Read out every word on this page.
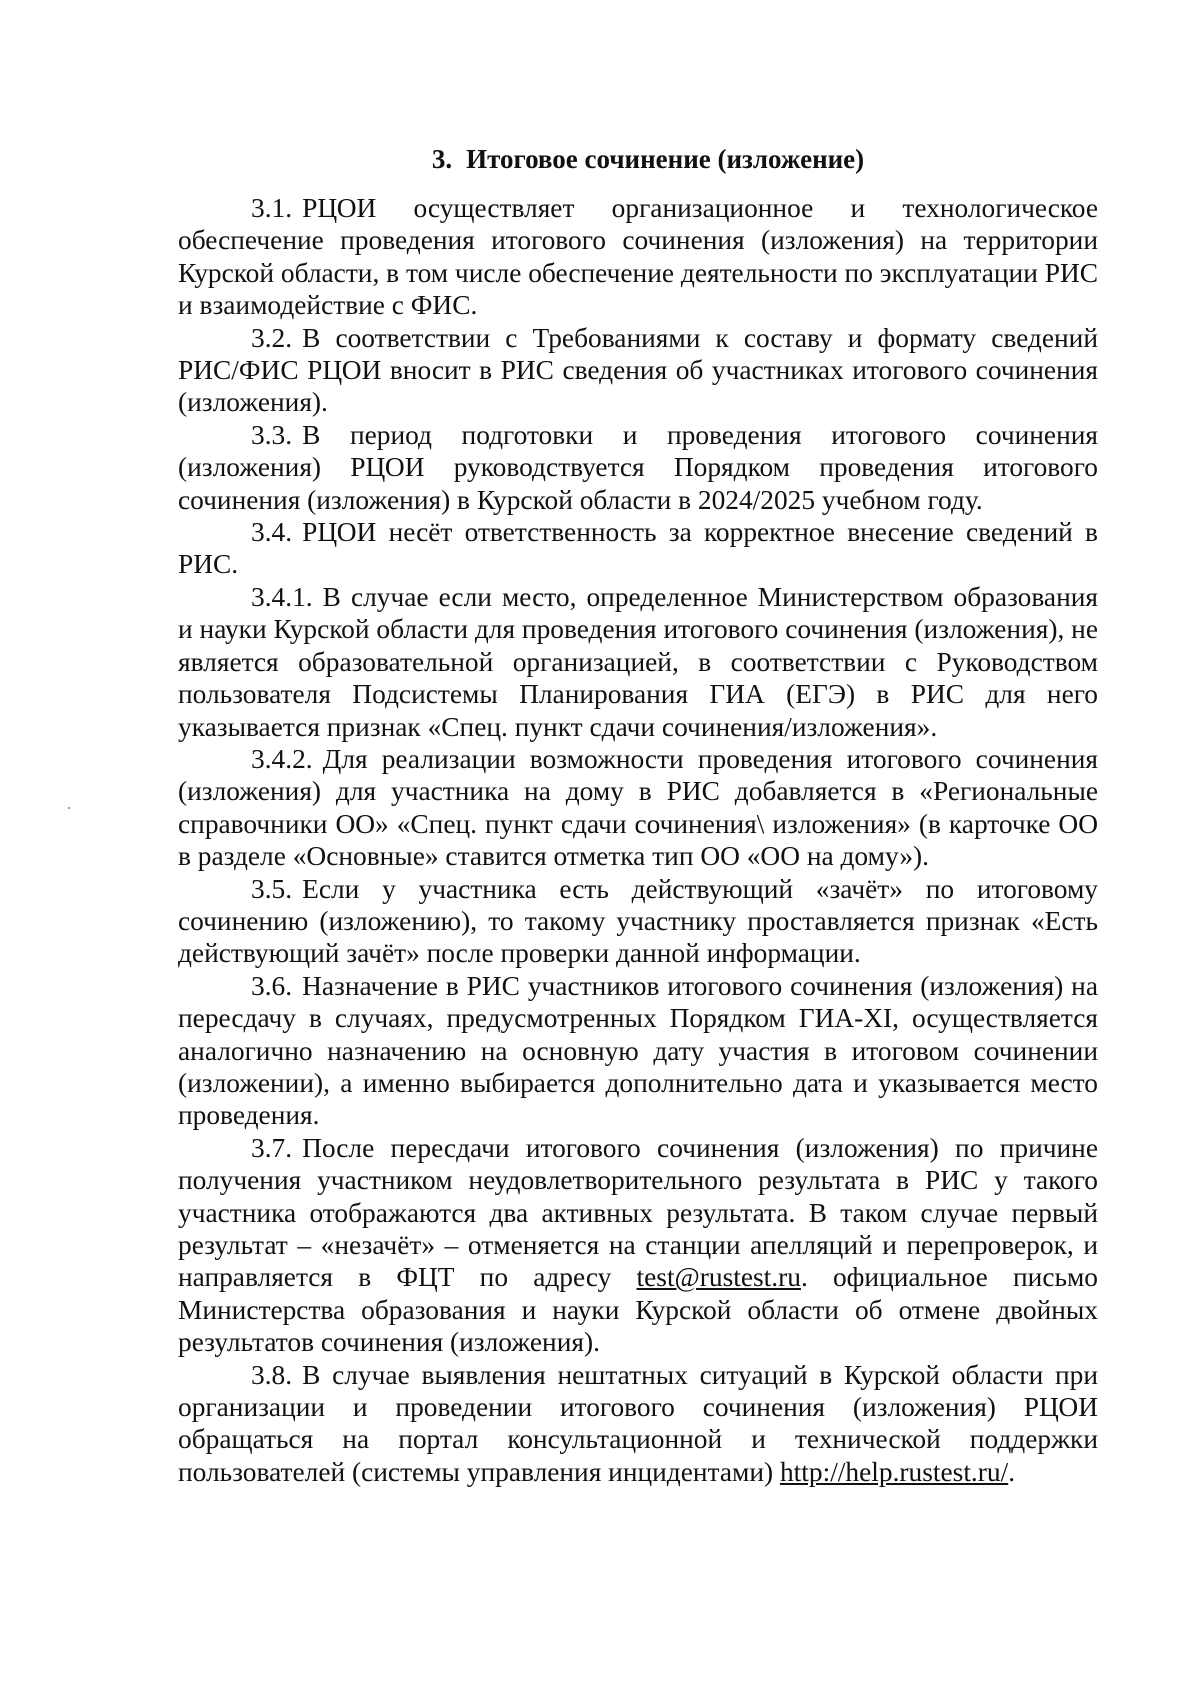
3. Итоговое сочинение (изложение)

3.1. РЦОИ осуществляет организационное и технологическое обеспечение проведения итогового сочинения (изложения) на территории Курской области, в том числе обеспечение деятельности по эксплуатации РИС и взаимодействие с ФИС.

3.2. В соответствии с Требованиями к составу и формату сведений РИС/ФИС РЦОИ вносит в РИС сведения об участниках итогового сочинения (изложения).

3.3. В период подготовки и проведения итогового сочинения (изложения) РЦОИ руководствуется Порядком проведения итогового сочинения (изложения) в Курской области в 2024/2025 учебном году.

3.4. РЦОИ несёт ответственность за корректное внесение сведений в РИС.

3.4.1. В случае если место, определенное Министерством образования и науки Курской области для проведения итогового сочинения (изложения), не является образовательной организацией, в соответствии с Руководством пользователя Подсистемы Планирования ГИА (ЕГЭ) в РИС для него указывается признак «Спец. пункт сдачи сочинения/изложения».

3.4.2. Для реализации возможности проведения итогового сочинения (изложения) для участника на дому в РИС добавляется в «Региональные справочники ОО» «Спец. пункт сдачи сочинения\ изложения» (в карточке ОО в разделе «Основные» ставится отметка тип ОО «ОО на дому»).

3.5. Если у участника есть действующий «зачёт» по итоговому сочинению (изложению), то такому участнику проставляется признак «Есть действующий зачёт» после проверки данной информации.

3.6. Назначение в РИС участников итогового сочинения (изложения) на пересдачу в случаях, предусмотренных Порядком ГИА-XI, осуществляется аналогично назначению на основную дату участия в итоговом сочинении (изложении), а именно выбирается дополнительно дата и указывается место проведения.

3.7. После пересдачи итогового сочинения (изложения) по причине получения участником неудовлетворительного результата в РИС у такого участника отображаются два активных результата. В таком случае первый результат – «незачёт» – отменяется на станции апелляций и перепроверок, и направляется в ФЦТ по адресу test@rustest.ru. официальное письмо Министерства образования и науки Курской области об отмене двойных результатов сочинения (изложения).

3.8. В случае выявления нештатных ситуаций в Курской области при организации и проведении итогового сочинения (изложения) РЦОИ обращаться на портал консультационной и технической поддержки пользователей (системы управления инцидентами) http://help.rustest.ru/.
